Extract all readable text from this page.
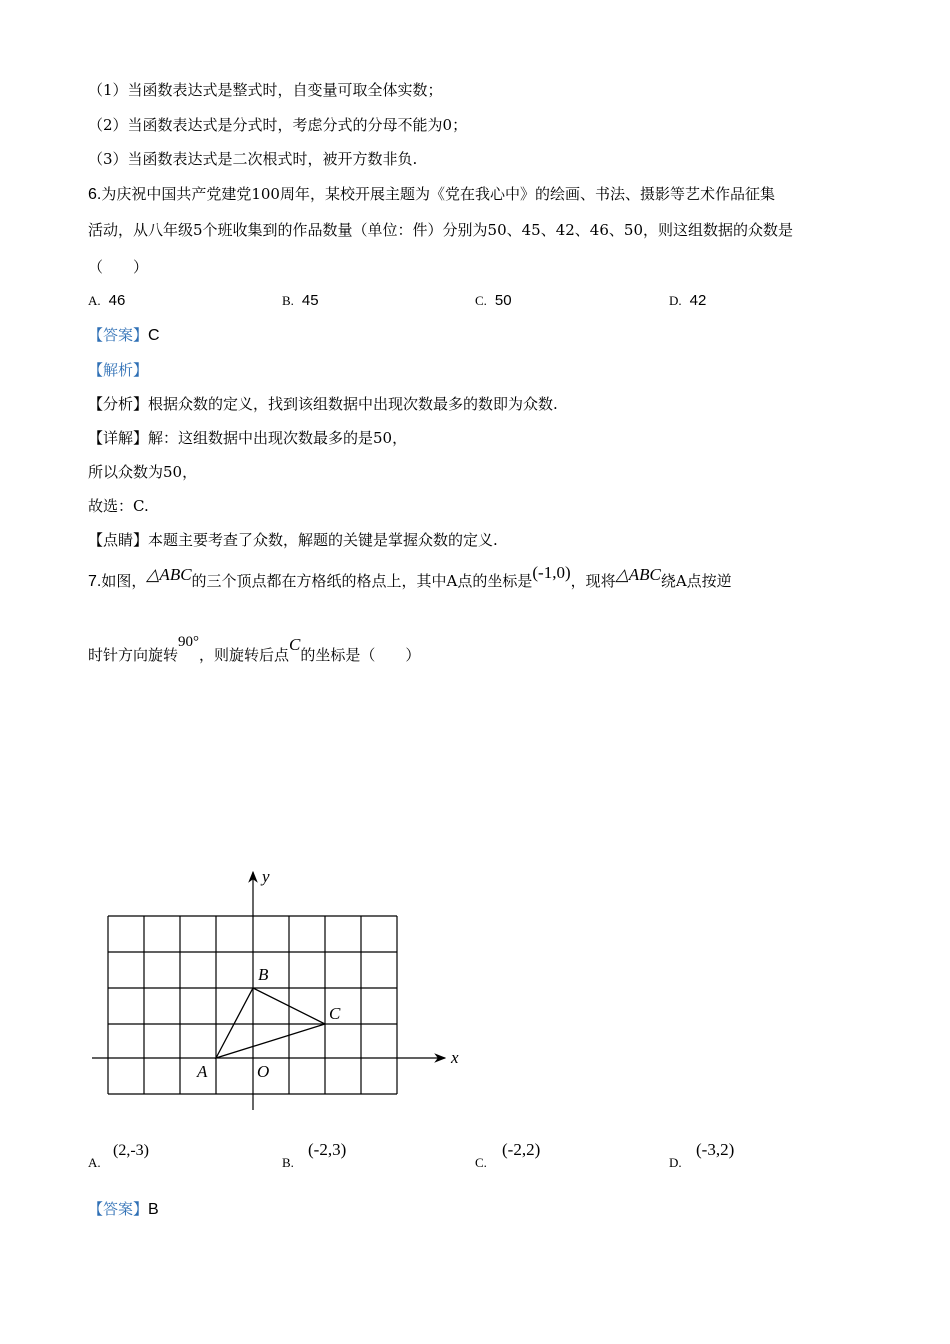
（1）当函数表达式是整式时，自变量可取全体实数；
（2）当函数表达式是分式时，考虑分式的分母不能为0；
（3）当函数表达式是二次根式时，被开方数非负.
6.为庆祝中国共产党建党100周年，某校开展主题为《党在我心中》的绘画、书法、摄影等艺术作品征集
活动，从八年级5个班收集到的作品数量（单位：件）分别为50、45、42、46、50，则这组数据的众数是
（　　）
A. 46	B. 45	C. 50	D. 42
【答案】C
【解析】
【分析】根据众数的定义，找到该组数据中出现次数最多的数即为众数.
【详解】解：这组数据中出现次数最多的是50，
所以众数为50，
故选：C.
【点睛】本题主要考查了众数，解题的关键是掌握众数的定义.
7.如图，△ABC的三个顶点都在方格纸的格点上，其中A点的坐标是(-1,0)，现将△ABC绕A点按逆
时针方向旋转90°，则旋转后点C的坐标是（　　）
x
y
A
B
C
O
A.
(2,-3)
B.
(-2,3)
C.
(-2,2)
D.
(-3,2)
【答案】B
